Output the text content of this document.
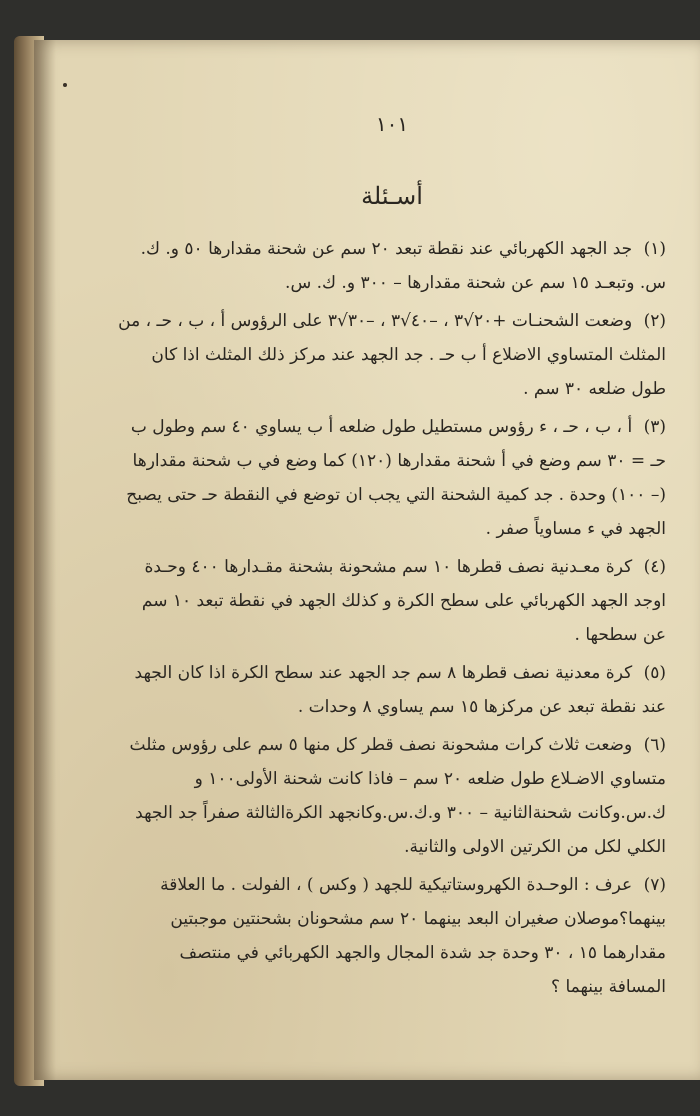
١٠١
أسـئلة
(١) جد الجهد الكهربائي عند نقطة تبعد ٢٠ سم عن شحنة مقدارها ٥٠ و. ك. س. وتبعـد ١٥ سم عن شحنة مقدارها – ٣٠٠ و. ك. س.
(٢) وضعت الشحنـات +٢٠√٣ ، –٤٠√٣ ، –٣٠√٣ على الرؤوس أ ، ب ، حـ ، من المثلث المتساوي الاضلاع أ ب حـ . جد الجهد عند مركز ذلك المثلث اذا كان طول ضلعه ٣٠ سم .
(٣) أ ، ب ، حـ ، ء رؤوس مستطيل طول ضلعه أ ب يساوي ٤٠ سم وطول ب حـ = ٣٠ سم وضع في أ شحنة مقدارها (١٢٠) كما وضع في ب شحنة مقدارها (– ١٠٠) وحدة . جد كمية الشحنة التي يجب ان توضع في النقطة حـ حتى يصبح الجهد في ء مساوياً صفر .
(٤) كرة معـدنية نصف قطرها ١٠ سم مشحونة بشحنة مقـدارها ٤٠٠ وحـدة اوجد الجهد الكهربائي على سطح الكرة و كذلك الجهد في نقطة تبعد ١٠ سم عن سطحها .
(٥) كرة معدنية نصف قطرها ٨ سم جد الجهد عند سطح الكرة اذا كان الجهد عند نقطة تبعد عن مركزها ١٥ سم يساوي ٨ وحدات .
(٦) وضعت ثلاث كرات مشحونة نصف قطر كل منها ٥ سم على رؤوس مثلث متساوي الاضـلاع طول ضلعه ٢٠ سم – فاذا كانت شحنة الأولى١٠٠ و ك.س.وكانت شحنةالثانية – ٣٠٠ و.ك.س.وكانجهد الكرةالثالثة صفراً جد الجهد الكلي لكل من الكرتين الاولى والثانية.
(٧) عرف : الوحـدة الكهروستاتيكية للجهد ( وكس ) ، الفولت . ما العلاقة بينهما؟موصلان صغيران البعد بينهما ٢٠ سم مشحونان بشحنتين موجبتين مقدارهما ١٥ ، ٣٠ وحدة جد شدة المجال والجهد الكهربائي في منتصف المسافة بينهما ؟
